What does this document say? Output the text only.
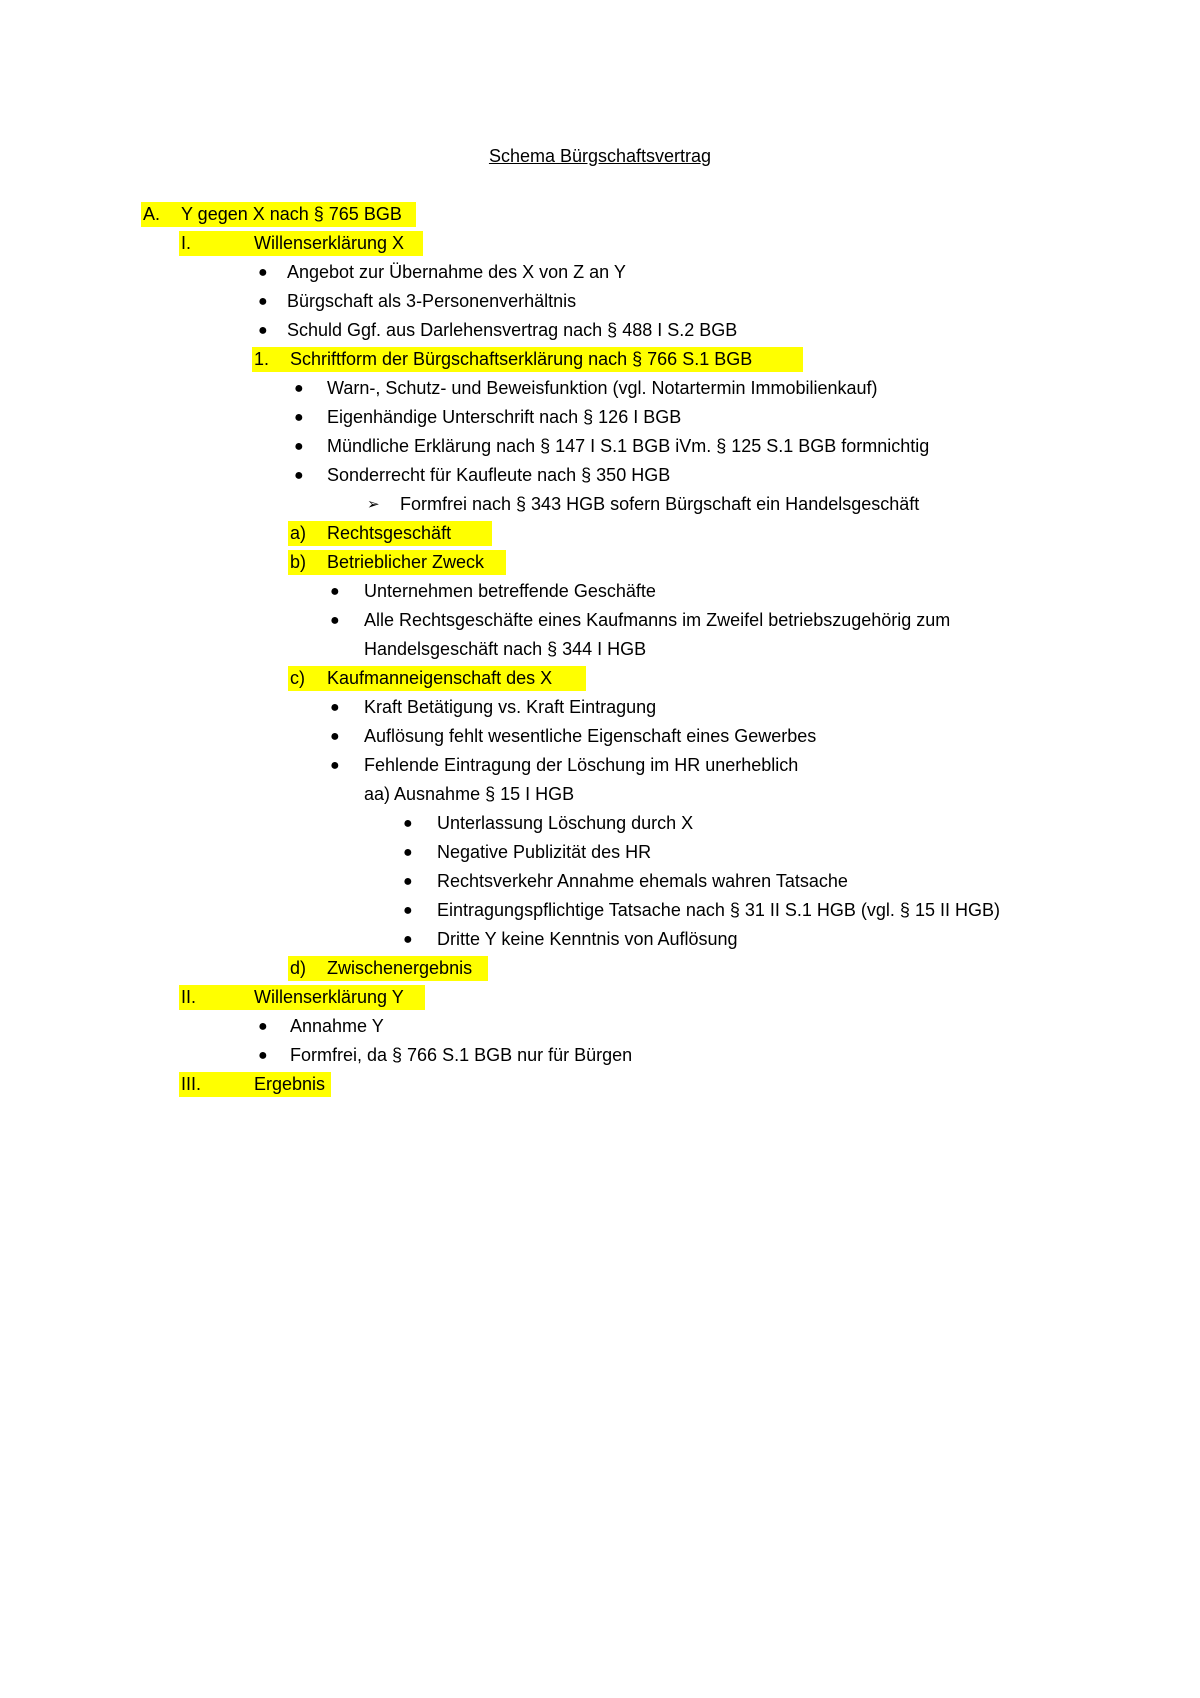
Schema Bürgschaftsvertrag
A. Y gegen X nach § 765 BGB
I.	Willenserklärung X
● Angebot zur Übernahme des X von Z an Y
● Bürgschaft als 3-Personenverhältnis
● Schuld Ggf. aus Darlehensvertrag nach § 488 I S.2 BGB
1. Schriftform der Bürgschaftserklärung nach § 766 S.1 BGB
● Warn-, Schutz- und Beweisfunktion (vgl. Notartermin Immobilienkauf)
● Eigenhändige Unterschrift nach § 126 I BGB
● Mündliche Erklärung nach § 147 I S.1 BGB iVm. § 125 S.1 BGB formnichtig
● Sonderrecht für Kaufleute nach § 350 HGB
➢ Formfrei nach § 343 HGB sofern Bürgschaft ein Handelsgeschäft
a) Rechtsgeschäft
b) Betrieblicher Zweck
● Unternehmen betreffende Geschäfte
● Alle Rechtsgeschäfte eines Kaufmanns im Zweifel betriebszugehörig zum
Handelsgeschäft nach § 344 I HGB
c) Kaufmanneigenschaft des X
● Kraft Betätigung vs. Kraft Eintragung
● Auflösung fehlt wesentliche Eigenschaft eines Gewerbes
● Fehlende Eintragung der Löschung im HR unerheblich
aa) Ausnahme § 15 I HGB
● Unterlassung Löschung durch X
● Negative Publizität des HR
● Rechtsverkehr Annahme ehemals wahren Tatsache
● Eintragungspflichtige Tatsache nach § 31 II S.1 HGB (vgl. § 15 II HGB)
● Dritte Y keine Kenntnis von Auflösung
d) Zwischenergebnis
II.	Willenserklärung Y
● Annahme Y
● Formfrei, da § 766 S.1 BGB nur für Bürgen
III.	Ergebnis
